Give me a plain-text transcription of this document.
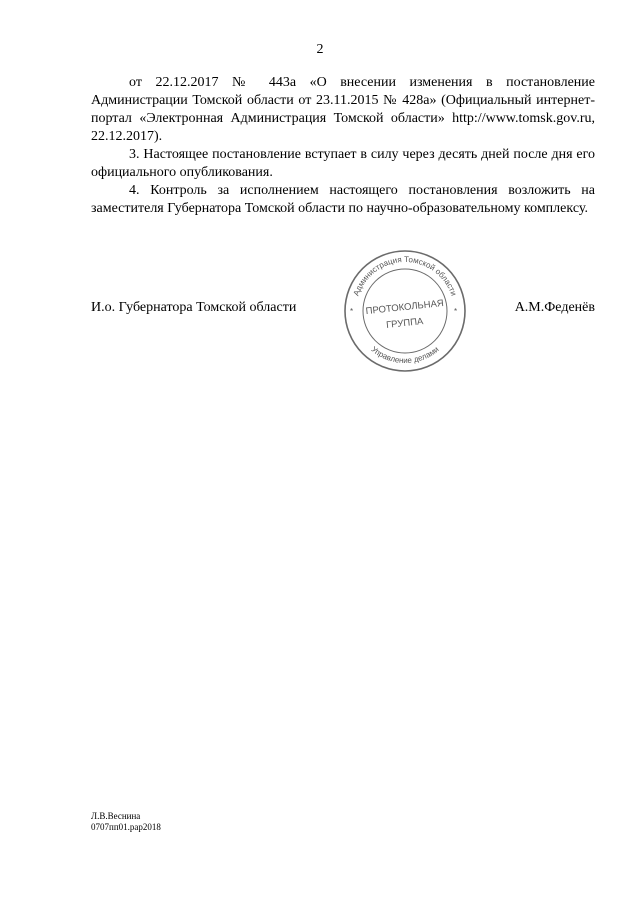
2

от 22.12.2017 № 443а «О внесении изменения в постановление Администрации Томской области от 23.11.2015 № 428а» (Официальный интернет-портал «Электронная Администрация Томской области» http://www.tomsk.gov.ru, 22.12.2017).

3. Настоящее постановление вступает в силу через десять дней после дня его официального опубликования.

4. Контроль за исполнением настоящего постановления возложить на заместителя Губернатора Томской области по научно-образовательному комплексу.

И.о. Губернатора Томской области
Администрация Томской области
Управление делами
*	*
ПРОТОКОЛЬНАЯ
ГРУППА
А.М.Феденёв
Л.В.Веснина
0707пп01.рар2018
